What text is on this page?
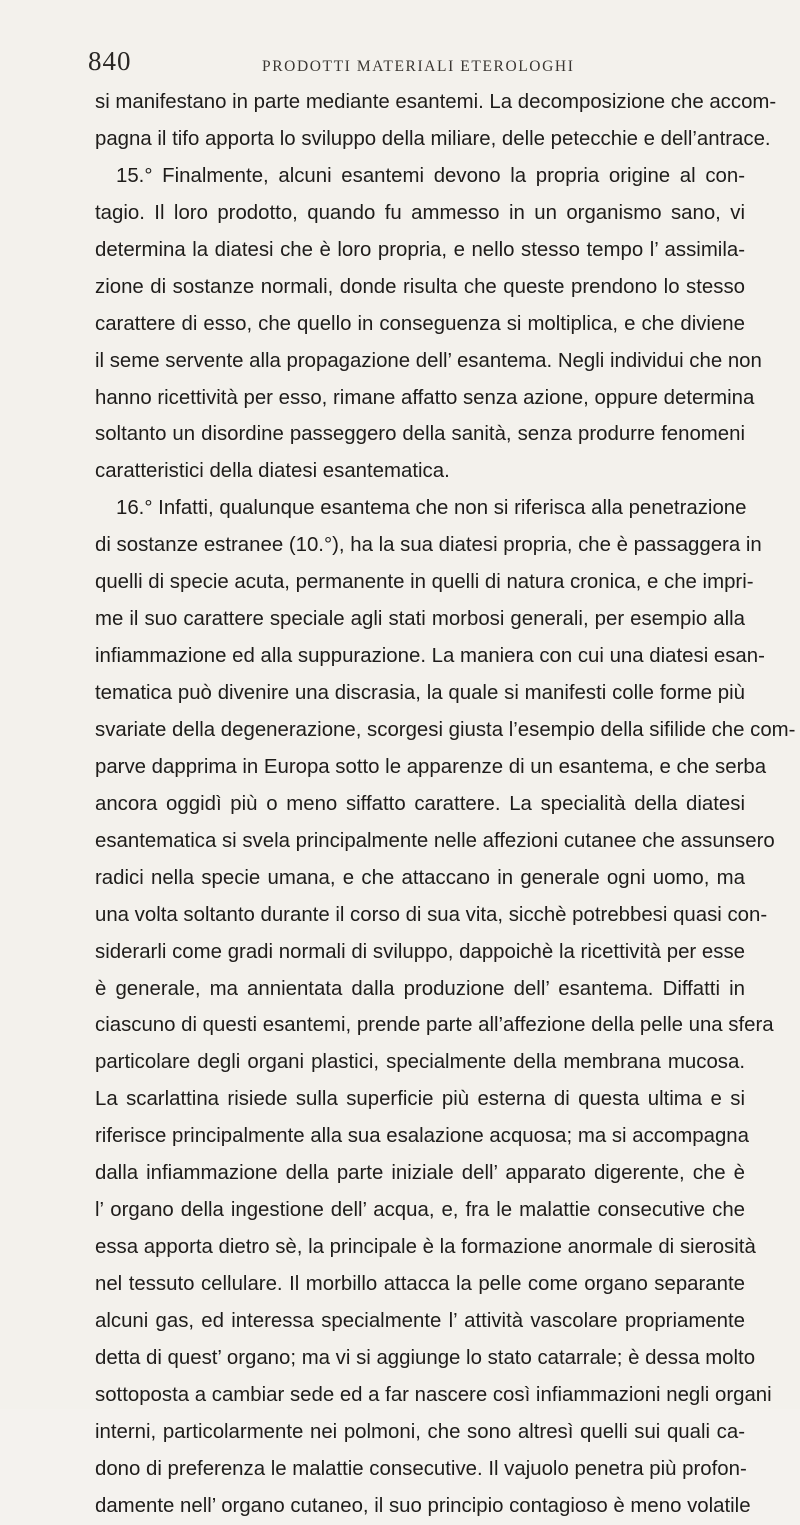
840	PRODOTTI MATERIALI ETEROLOGHI
si manifestano in parte mediante esantemi. La decomposizione che accom-
pagna il tifo apporta lo sviluppo della miliare, delle petecchie e dell’antrace.
15.° Finalmente, alcuni esantemi devono la propria origine al con-
tagio. Il loro prodotto, quando fu ammesso in un organismo sano, vi
determina la diatesi che è loro propria, e nello stesso tempo l’ assimila-
zione di sostanze normali, donde risulta che queste prendono lo stesso
carattere di esso, che quello in conseguenza si moltiplica, e che diviene
il seme servente alla propagazione dell’ esantema. Negli individui che non
hanno ricettività per esso, rimane affatto senza azione, oppure determina
soltanto un disordine passeggero della sanità, senza produrre fenomeni
caratteristici della diatesi esantematica.
16.° Infatti, qualunque esantema che non si riferisca alla penetrazione
di sostanze estranee (10.°), ha la sua diatesi propria, che è passaggera in
quelli di specie acuta, permanente in quelli di natura cronica, e che impri-
me il suo carattere speciale agli stati morbosi generali, per esempio alla
infiammazione ed alla suppurazione. La maniera con cui una diatesi esan-
tematica può divenire una discrasia, la quale si manifesti colle forme più
svariate della degenerazione, scorgesi giusta l’esempio della sifilide che com-
parve dapprima in Europa sotto le apparenze di un esantema, e che serba
ancora oggidì più o meno siffatto carattere. La specialità della diatesi
esantematica si svela principalmente nelle affezioni cutanee che assunsero
radici nella specie umana, e che attaccano in generale ogni uomo, ma
una volta soltanto durante il corso di sua vita, sicchè potrebbesi quasi con-
siderarli come gradi normali di sviluppo, dappoichè la ricettività per esse
è generale, ma annientata dalla produzione dell’ esantema. Diffatti in
ciascuno di questi esantemi, prende parte all’affezione della pelle una sfera
particolare degli organi plastici, specialmente della membrana mucosa.
La scarlattina risiede sulla superficie più esterna di questa ultima e si
riferisce principalmente alla sua esalazione acquosa; ma si accompagna
dalla infiammazione della parte iniziale dell’ apparato digerente, che è
l’ organo della ingestione dell’ acqua, e, fra le malattie consecutive che
essa apporta dietro sè, la principale è la formazione anormale di sierosità
nel tessuto cellulare. Il morbillo attacca la pelle come organo separante
alcuni gas, ed interessa specialmente l’ attività vascolare propriamente
detta di quest’ organo; ma vi si aggiunge lo stato catarrale; è dessa molto
sottoposta a cambiar sede ed a far nascere così infiammazioni negli organi
interni, particolarmente nei polmoni, che sono altresì quelli sui quali ca-
dono di preferenza le malattie consecutive. Il vajuolo penetra più profon-
damente nell’ organo cutaneo, il suo principio contagioso è meno volatile
